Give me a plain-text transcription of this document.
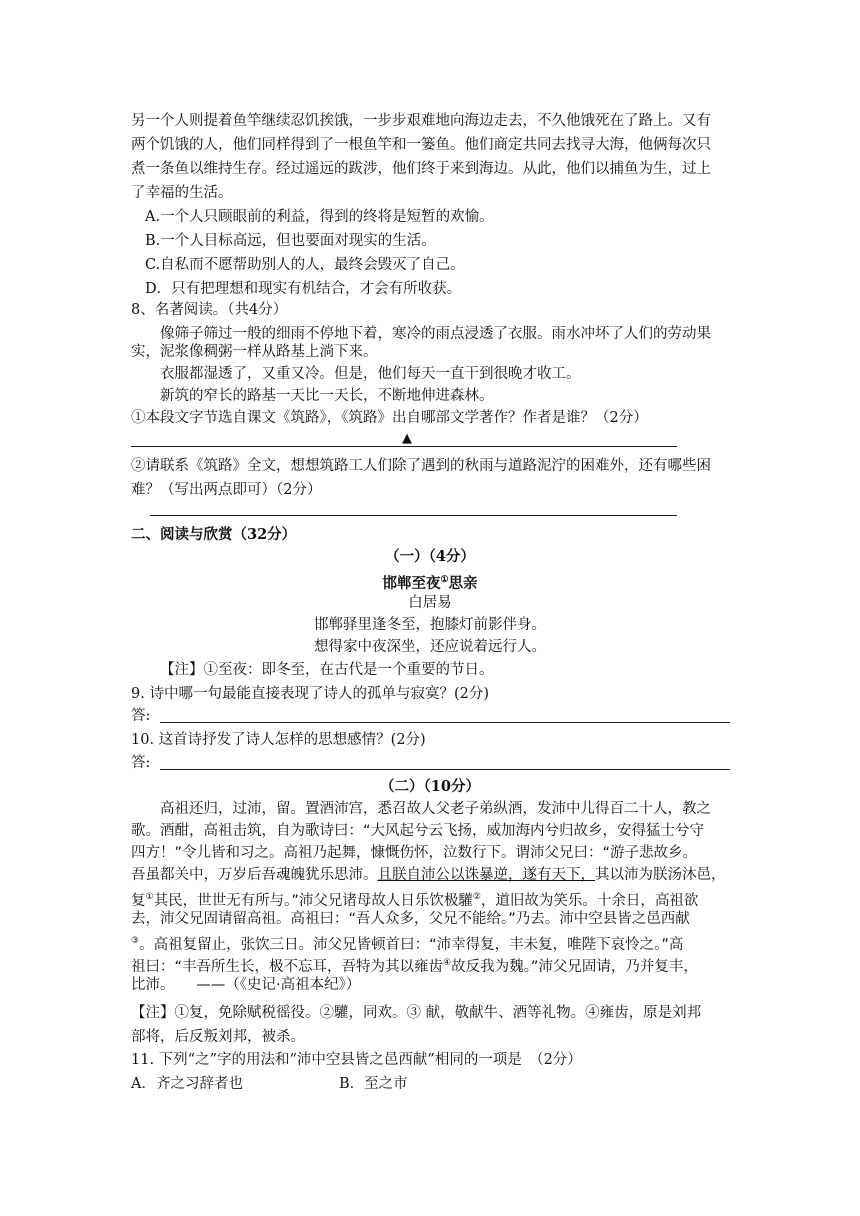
另一个人则提着鱼竿继续忍饥挨饿，一步步艰难地向海边走去，不久他饿死在了路上。又有
两个饥饿的人，他们同样得到了一根鱼竿和一篓鱼。他们商定共同去找寻大海，他俩每次只
煮一条鱼以维持生存。经过遥远的跋涉，他们终于来到海边。从此，他们以捕鱼为生，过上
了幸福的生活。
A.一个人只顾眼前的利益，得到的终将是短暂的欢愉。
B.一个人目标高远，但也要面对现实的生活。
C.自私而不愿帮助别人的人，最终会毁灭了自己。
D．只有把理想和现实有机结合，才会有所收获。
8、名著阅读。（共4分）
像筛子筛过一般的细雨不停地下着，寒冷的雨点浸透了衣服。雨水冲坏了人们的劳动果
实，泥浆像稠粥一样从路基上淌下来。
衣服都湿透了，又重又冷。但是，他们每天一直干到很晚才收工。
新筑的窄长的路基一天比一天长，不断地伸进森林。
①本段文字节选自课文《筑路》，《筑路》出自哪部文学著作？作者是谁？（2分）
▲
②请联系《筑路》全文，想想筑路工人们除了遇到的秋雨与道路泥泞的困难外，还有哪些困
难？（写出两点即可）（2分）
二、阅读与欣赏（32分）
（一）（4分）
邯郸至夜①思亲
白居易
邯郸驿里逢冬至，抱膝灯前影伴身。
想得家中夜深坐，还应说着远行人。
【注】①至夜：即冬至，在古代是一个重要的节日。
9. 诗中哪一句最能直接表现了诗人的孤单与寂寞？(2分)
答:
10. 这首诗抒发了诗人怎样的思想感情？(2分)
答:
（二）（10分）
高祖还归，过沛，留。置酒沛宫，悉召故人父老子弟纵酒，发沛中儿得百二十人，教之
歌。酒酣，高祖击筑，自为歌诗曰：“大风起兮云飞扬，威加海内兮归故乡，安得猛士兮守
四方！”令儿皆和习之。高祖乃起舞，慷慨伤怀，泣数行下。谓沛父兄曰：“游子悲故乡。
吾虽都关中，万岁后吾魂魄犹乐思沛。且朕自沛公以诛暴逆，遂有天下，其以沛为朕汤沐邑，
复①其民，世世无有所与。”沛父兄诸母故人日乐饮极驩②，道旧故为笑乐。十余日，高祖欲
去，沛父兄固请留高祖。高祖曰：“吾人众多，父兄不能给。”乃去。沛中空县皆之邑西献
③。高祖复留止，张饮三日。沛父兄皆顿首曰：“沛幸得复，丰未复，唯陛下哀怜之。”高
祖曰：“丰吾所生长，极不忘耳，吾特为其以雍齿④故反我为魏。”沛父兄固请，乃并复丰，
比沛。　　——（《史记·高祖本纪》）
【注】①复，免除赋税徭役。②驩，同欢。③ 献，敬献牛、酒等礼物。④雍齿，原是刘邦
部将，后反叛刘邦，被杀。
11. 下列“之”字的用法和“沛中空县皆之邑西献”相同的一项是　（2分）
A．齐之习辞者也	B．至之市
